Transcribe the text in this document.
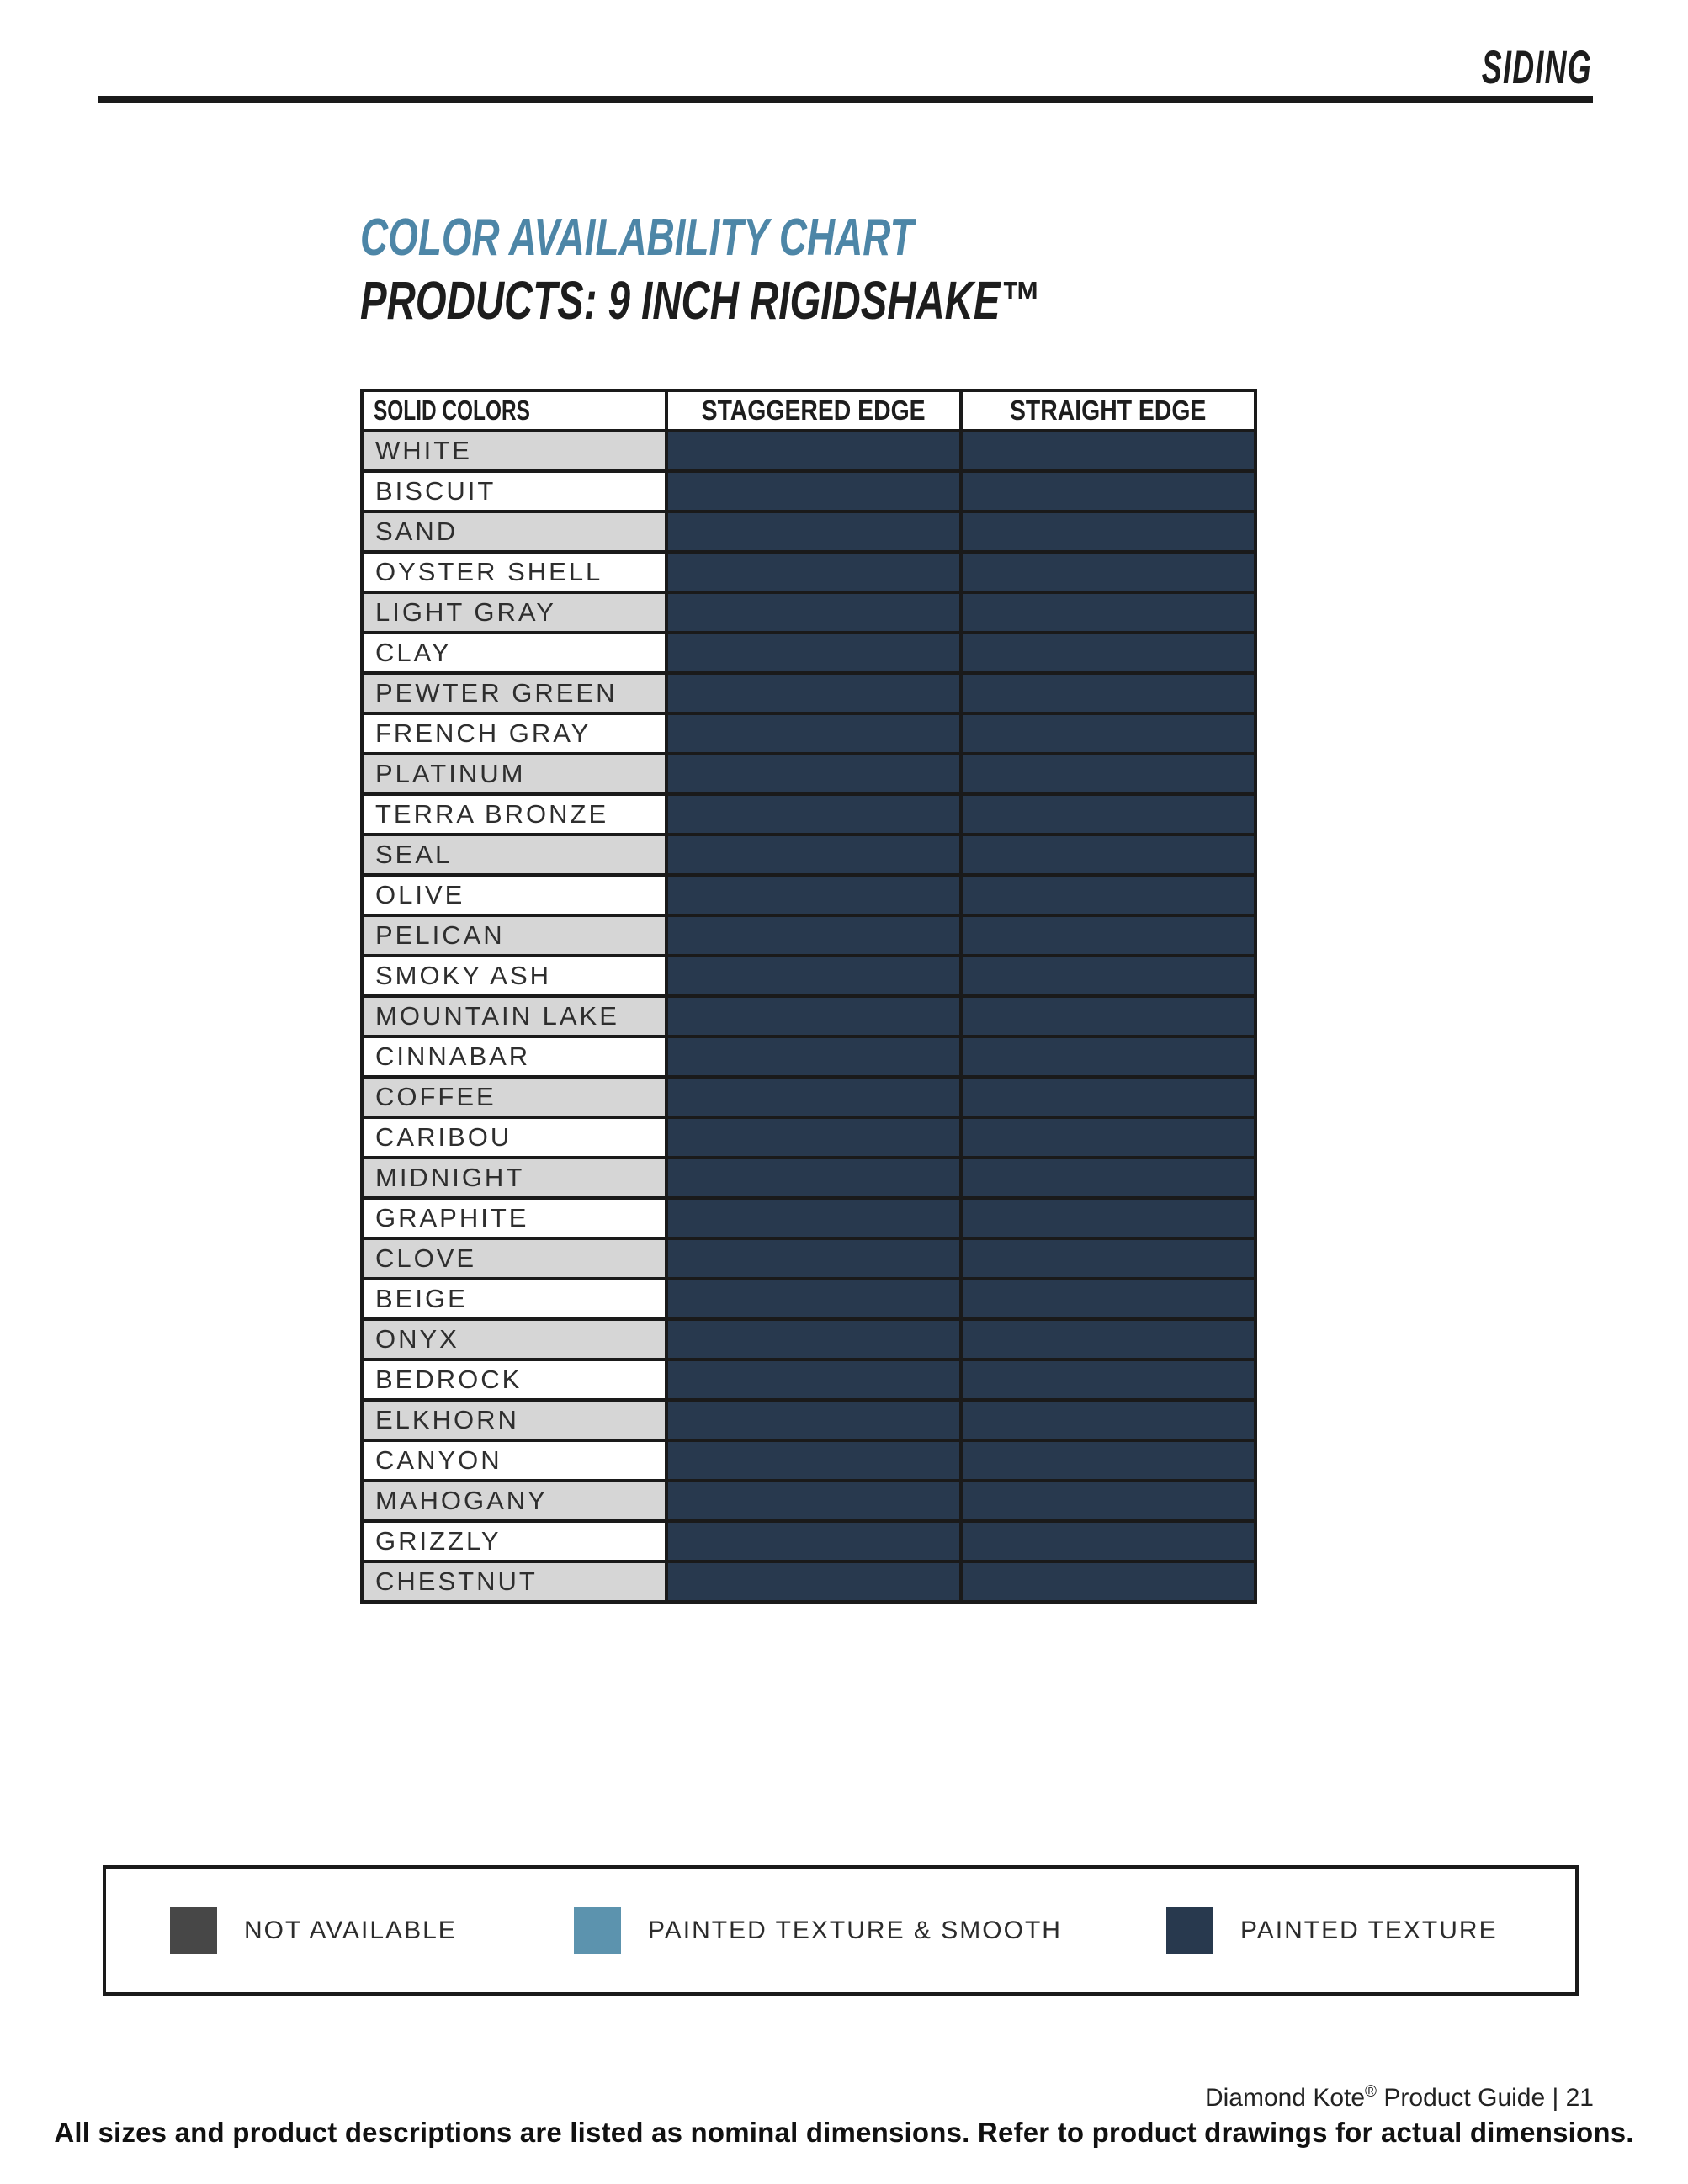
SIDING
COLOR AVAILABILITY CHART
PRODUCTS: 9 INCH RIGIDSHAKE™
SOLID COLORS	STAGGERED EDGE	STRAIGHT EDGE
WHITE		
BISCUIT		
SAND		
OYSTER SHELL		
LIGHT GRAY		
CLAY		
PEWTER GREEN		
FRENCH GRAY		
PLATINUM		
TERRA BRONZE		
SEAL		
OLIVE		
PELICAN		
SMOKY ASH		
MOUNTAIN LAKE		
CINNABAR		
COFFEE		
CARIBOU		
MIDNIGHT		
GRAPHITE		
CLOVE		
BEIGE		
ONYX		
BEDROCK		
ELKHORN		
CANYON		
MAHOGANY		
GRIZZLY		
CHESTNUT		
NOT AVAILABLE	PAINTED TEXTURE & SMOOTH	PAINTED TEXTURE
Diamond Kote® Product Guide | 21
All sizes and product descriptions are listed as nominal dimensions. Refer to product drawings for actual dimensions.
